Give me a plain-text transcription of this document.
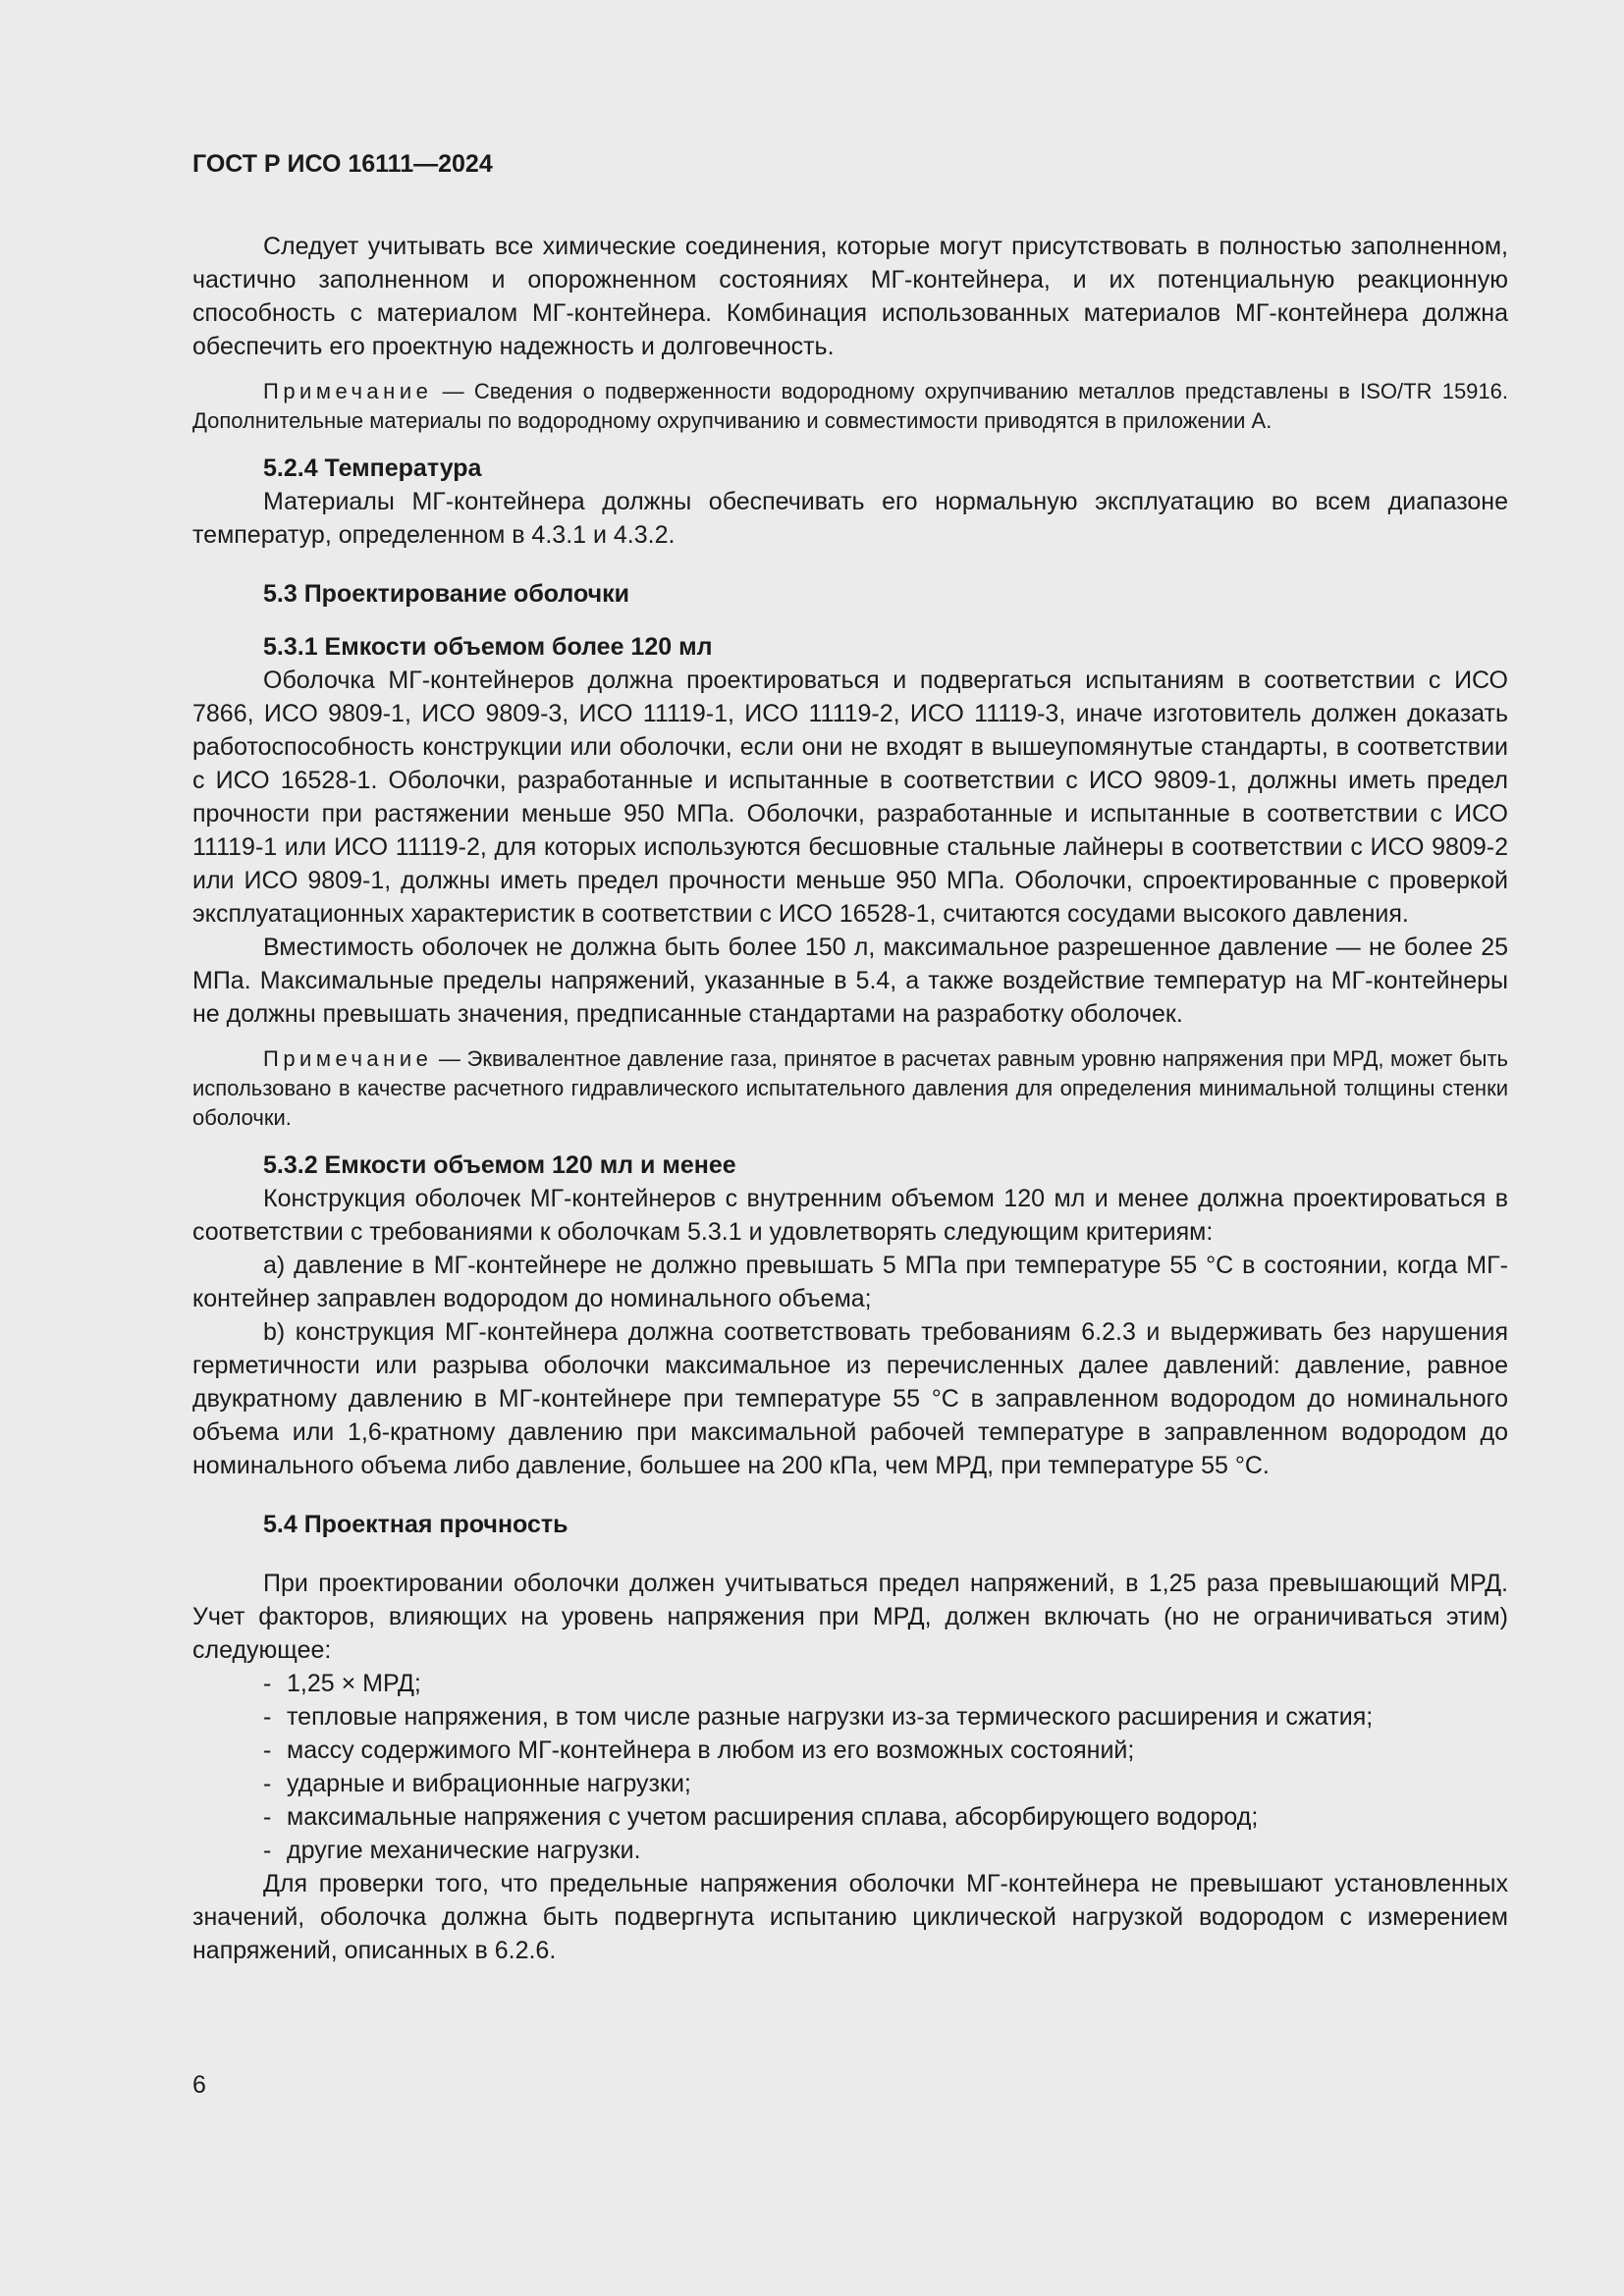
ГОСТ Р ИСО 16111—2024

Следует учитывать все химические соединения, которые могут присутствовать в полностью заполненном, частично заполненном и опорожненном состояниях МГ-контейнера, и их потенциальную реакционную способность с материалом МГ-контейнера. Комбинация использованных материалов МГ-контейнера должна обеспечить его проектную надежность и долговечность.

Примечание — Сведения о подверженности водородному охрупчиванию металлов представлены в ISO/TR 15916. Дополнительные материалы по водородному охрупчиванию и совместимости приводятся в приложении А.

5.2.4 Температура

Материалы МГ-контейнера должны обеспечивать его нормальную эксплуатацию во всем диапазоне температур, определенном в 4.3.1 и 4.3.2.

5.3 Проектирование оболочки

5.3.1 Емкости объемом более 120 мл

Оболочка МГ-контейнеров должна проектироваться и подвергаться испытаниям в соответствии с ИСО 7866, ИСО 9809-1, ИСО 9809-3, ИСО 11119-1, ИСО 11119-2, ИСО 11119-3, иначе изготовитель должен доказать работоспособность конструкции или оболочки, если они не входят в вышеупомянутые стандарты, в соответствии с ИСО 16528-1. Оболочки, разработанные и испытанные в соответствии с ИСО 9809-1, должны иметь предел прочности при растяжении меньше 950 МПа. Оболочки, разработанные и испытанные в соответствии с ИСО 11119-1 или ИСО 11119-2, для которых используются бесшовные стальные лайнеры в соответствии с ИСО 9809-2 или ИСО 9809-1, должны иметь предел прочности меньше 950 МПа. Оболочки, спроектированные с проверкой эксплуатационных характеристик в соответствии с ИСО 16528-1, считаются сосудами высокого давления.

Вместимость оболочек не должна быть более 150 л, максимальное разрешенное давление — не более 25 МПа. Максимальные пределы напряжений, указанные в 5.4, а также воздействие температур на МГ-контейнеры не должны превышать значения, предписанные стандартами на разработку оболочек.

Примечание — Эквивалентное давление газа, принятое в расчетах равным уровню напряжения при МРД, может быть использовано в качестве расчетного гидравлического испытательного давления для определения минимальной толщины стенки оболочки.

5.3.2 Емкости объемом 120 мл и менее

Конструкция оболочек МГ-контейнеров с внутренним объемом 120 мл и менее должна проектироваться в соответствии с требованиями к оболочкам 5.3.1 и удовлетворять следующим критериям:

a) давление в МГ-контейнере не должно превышать 5 МПа при температуре 55 °С в состоянии, когда МГ-контейнер заправлен водородом до номинального объема;

b) конструкция МГ-контейнера должна соответствовать требованиям 6.2.3 и выдерживать без нарушения герметичности или разрыва оболочки максимальное из перечисленных далее давлений: давление, равное двукратному давлению в МГ-контейнере при температуре 55 °С в заправленном водородом до номинального объема или 1,6-кратному давлению при максимальной рабочей температуре в заправленном водородом до номинального объема либо давление, большее на 200 кПа, чем МРД, при температуре 55 °С.

5.4 Проектная прочность

При проектировании оболочки должен учитываться предел напряжений, в 1,25 раза превышающий МРД. Учет факторов, влияющих на уровень напряжения при МРД, должен включать (но не ограничиваться этим) следующее:

- 1,25 × МРД;
- тепловые напряжения, в том числе разные нагрузки из-за термического расширения и сжатия;
- массу содержимого МГ-контейнера в любом из его возможных состояний;
- ударные и вибрационные нагрузки;
- максимальные напряжения с учетом расширения сплава, абсорбирующего водород;
- другие механические нагрузки.

Для проверки того, что предельные напряжения оболочки МГ-контейнера не превышают установленных значений, оболочка должна быть подвергнута испытанию циклической нагрузкой водородом с измерением напряжений, описанных в 6.2.6.

6
